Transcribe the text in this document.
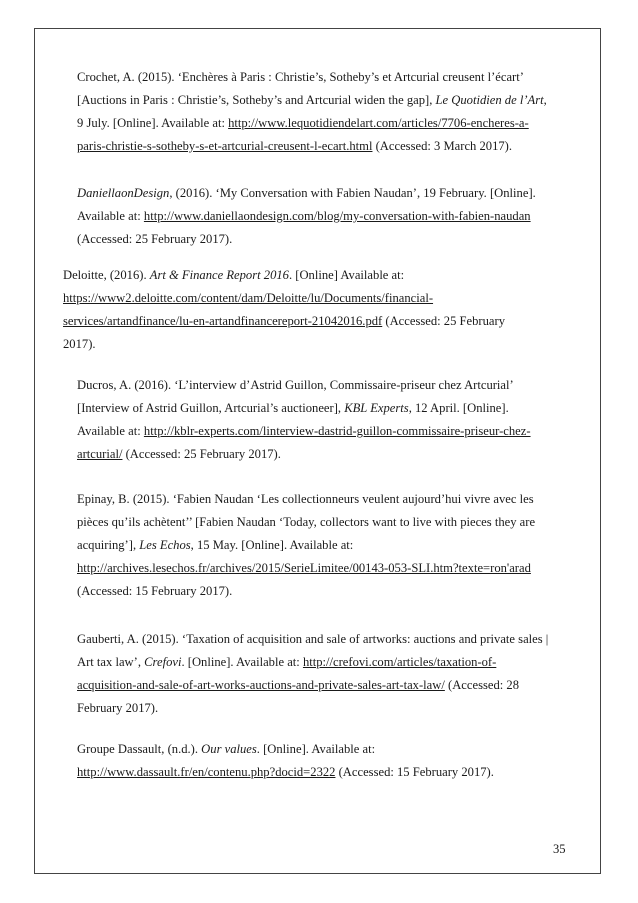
Crochet, A. (2015). ‘Enchères à Paris : Christie’s, Sotheby’s et Artcurial creusent l’écart’
[Auctions in Paris : Christie’s, Sotheby’s and Artcurial widen the gap], Le Quotidien de l’Art,
9 July. [Online]. Available at: http://www.lequotidiendelart.com/articles/7706-encheres-a-
paris-christie-s-sotheby-s-et-artcurial-creusent-l-ecart.html (Accessed: 3 March 2017).
DaniellaonDesign, (2016). ‘My Conversation with Fabien Naudan’, 19 February. [Online].
Available at: http://www.daniellaondesign.com/blog/my-conversation-with-fabien-naudan
(Accessed: 25 February 2017).
Deloitte, (2016). Art & Finance Report 2016. [Online] Available at:
https://www2.deloitte.com/content/dam/Deloitte/lu/Documents/financial-
services/artandfinance/lu-en-artandfinancereport-21042016.pdf (Accessed: 25 February
2017).
Ducros, A. (2016). ‘L’interview d’Astrid Guillon, Commissaire-priseur chez Artcurial’
[Interview of Astrid Guillon, Artcurial’s auctioneer], KBL Experts, 12 April. [Online].
Available at: http://kblr-experts.com/linterview-dastrid-guillon-commissaire-priseur-chez-
artcurial/ (Accessed: 25 February 2017).
Epinay, B. (2015). ‘Fabien Naudan ‘Les collectionneurs veulent aujourd’hui vivre avec les
pièces qu’ils achètent’’ [Fabien Naudan ‘Today, collectors want to live with pieces they are
acquiring’], Les Echos, 15 May. [Online]. Available at:
http://archives.lesechos.fr/archives/2015/SerieLimitee/00143-053-SLI.htm?texte=ron'arad
(Accessed: 15 February 2017).
Gauberti, A. (2015). ‘Taxation of acquisition and sale of artworks: auctions and private sales |
Art tax law’, Crefovi. [Online]. Available at: http://crefovi.com/articles/taxation-of-
acquisition-and-sale-of-art-works-auctions-and-private-sales-art-tax-law/ (Accessed: 28
February 2017).
Groupe Dassault, (n.d.). Our values. [Online]. Available at:
http://www.dassault.fr/en/contenu.php?docid=2322 (Accessed: 15 February 2017).
35
